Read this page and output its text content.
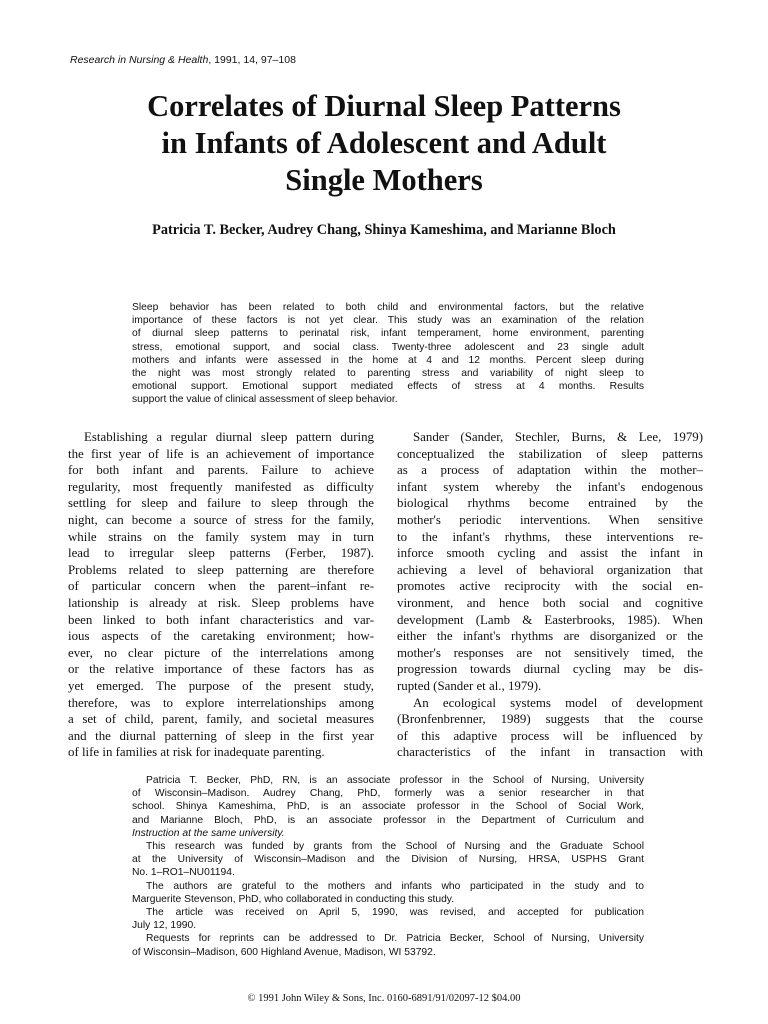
Research in Nursing & Health, 1991, 14, 97–108
Correlates of Diurnal Sleep Patterns
in Infants of Adolescent and Adult
Single Mothers
Patricia T. Becker, Audrey Chang, Shinya Kameshima, and Marianne Bloch
Sleep behavior has been related to both child and environmental factors, but the relative
importance of these factors is not yet clear. This study was an examination of the relation
of diurnal sleep patterns to perinatal risk, infant temperament, home environment, parenting
stress, emotional support, and social class. Twenty-three adolescent and 23 single adult
mothers and infants were assessed in the home at 4 and 12 months. Percent sleep during
the night was most strongly related to parenting stress and variability of night sleep to
emotional support. Emotional support mediated effects of stress at 4 months. Results
support the value of clinical assessment of sleep behavior.
Establishing a regular diurnal sleep pattern during
the first year of life is an achievement of importance
for both infant and parents. Failure to achieve
regularity, most frequently manifested as difficulty
settling for sleep and failure to sleep through the
night, can become a source of stress for the family,
while strains on the family system may in turn
lead to irregular sleep patterns (Ferber, 1987).
Problems related to sleep patterning are therefore
of particular concern when the parent–infant re-
lationship is already at risk. Sleep problems have
been linked to both infant characteristics and var-
ious aspects of the caretaking environment; how-
ever, no clear picture of the interrelations among
or the relative importance of these factors has as
yet emerged. The purpose of the present study,
therefore, was to explore interrelationships among
a set of child, parent, family, and societal measures
and the diurnal patterning of sleep in the first year
of life in families at risk for inadequate parenting.
Sander (Sander, Stechler, Burns, & Lee, 1979)
conceptualized the stabilization of sleep patterns
as a process of adaptation within the mother–
infant system whereby the infant's endogenous
biological rhythms become entrained by the
mother's periodic interventions. When sensitive
to the infant's rhythms, these interventions re-
inforce smooth cycling and assist the infant in
achieving a level of behavioral organization that
promotes active reciprocity with the social en-
vironment, and hence both social and cognitive
development (Lamb & Easterbrooks, 1985). When
either the infant's rhythms are disorganized or the
mother's responses are not sensitively timed, the
progression towards diurnal cycling may be dis-
rupted (Sander et al., 1979).
An ecological systems model of development
(Bronfenbrenner, 1989) suggests that the course
of this adaptive process will be influenced by
characteristics of the infant in transaction with
Patricia T. Becker, PhD, RN, is an associate professor in the School of Nursing, University
of Wisconsin–Madison. Audrey Chang, PhD, formerly was a senior researcher in that
school. Shinya Kameshima, PhD, is an associate professor in the School of Social Work,
and Marianne Bloch, PhD, is an associate professor in the Department of Curriculum and
Instruction at the same university.
This research was funded by grants from the School of Nursing and the Graduate School
at the University of Wisconsin–Madison and the Division of Nursing, HRSA, USPHS Grant
No. 1–RO1–NU01194.
The authors are grateful to the mothers and infants who participated in the study and to
Marguerite Stevenson, PhD, who collaborated in conducting this study.
The article was received on April 5, 1990, was revised, and accepted for publication
July 12, 1990.
Requests for reprints can be addressed to Dr. Patricia Becker, School of Nursing, University
of Wisconsin–Madison, 600 Highland Avenue, Madison, WI 53792.
© 1991 John Wiley & Sons, Inc. 0160-6891/91/02097-12 $04.00
